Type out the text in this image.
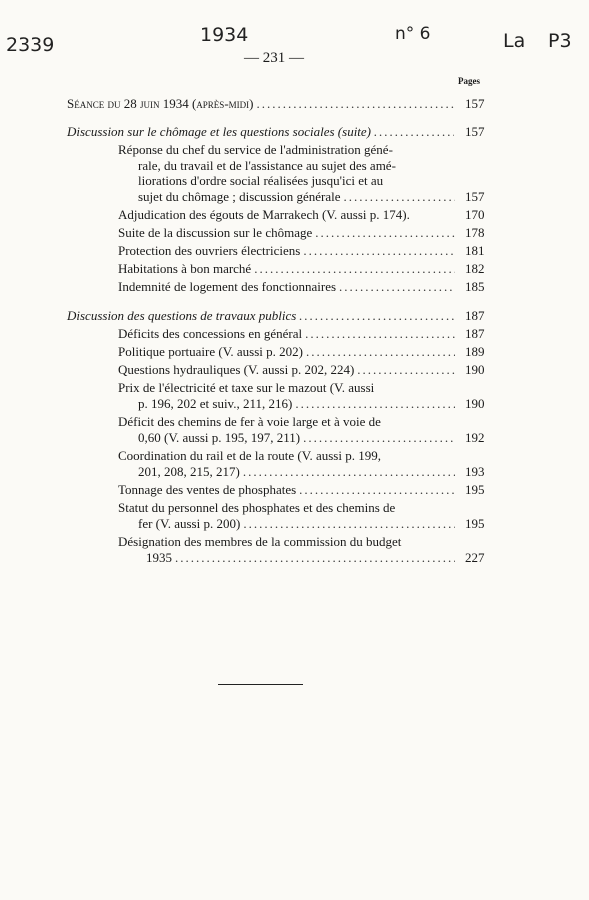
2339	1934	n° 6	La P3
— 231 —
Pages
Séance du 28 juin 1934 (après-midi) .....	157
Discussion sur le chômage et les questions sociales (suite) .....	157
Réponse du chef du service de l'administration géné-
rale, du travail et de l'assistance au sujet des amé-
liorations d'ordre social réalisées jusqu'ici et au
sujet du chômage ; discussion générale .....	157
Adjudication des égouts de Marrakech (V. aussi p. 174).	170
Suite de la discussion sur le chômage .....	178
Protection des ouvriers électriciens .....	181
Habitations à bon marché .....	182
Indemnité de logement des fonctionnaires .....	185
Discussion des questions de travaux publics .....	187
Déficits des concessions en général .....	187
Politique portuaire (V. aussi p. 202) .....	189
Questions hydrauliques (V. aussi p. 202, 224) .....	190
Prix de l'électricité et taxe sur le mazout (V. aussi
p. 196, 202 et suiv., 211, 216) .....	190
Déficit des chemins de fer à voie large et à voie de
0,60 (V. aussi p. 195, 197, 211) .....	192
Coordination du rail et de la route (V. aussi p. 199,
201, 208, 215, 217) .....	193
Tonnage des ventes de phosphates .....	195
Statut du personnel des phosphates et des chemins de
fer (V. aussi p. 200) .....	195
Désignation des membres de la commission du budget
1935 .....	227
